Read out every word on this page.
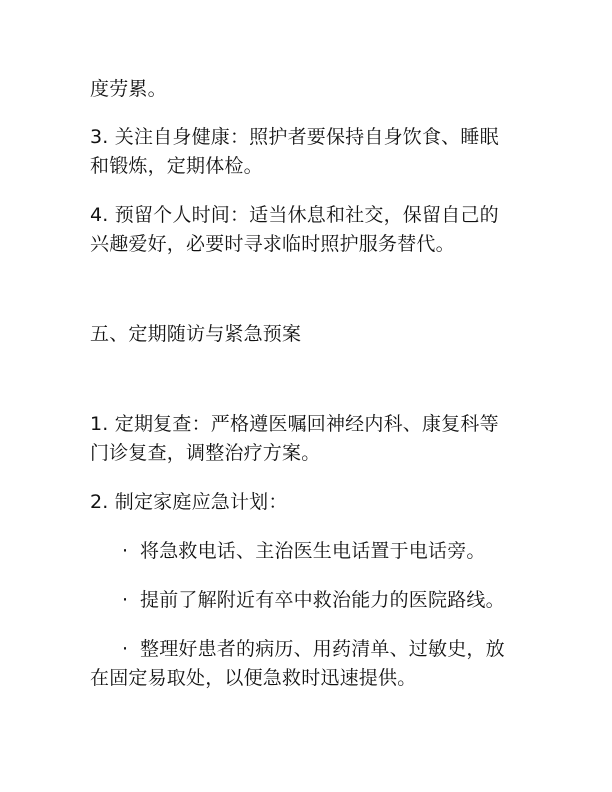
度劳累。
3. 关注自身健康：照护者要保持自身饮食、睡眠
和锻炼，定期体检。
4. 预留个人时间：适当休息和社交，保留自己的
兴趣爱好，必要时寻求临时照护服务替代。
五、定期随访与紧急预案
1. 定期复查：严格遵医嘱回神经内科、康复科等
门诊复查，调整治疗方案。
2. 制定家庭应急计划：
· 将急救电话、主治医生电话置于电话旁。
· 提前了解附近有卒中救治能力的医院路线。
· 整理好患者的病历、用药清单、过敏史，放
在固定易取处，以便急救时迅速提供。
